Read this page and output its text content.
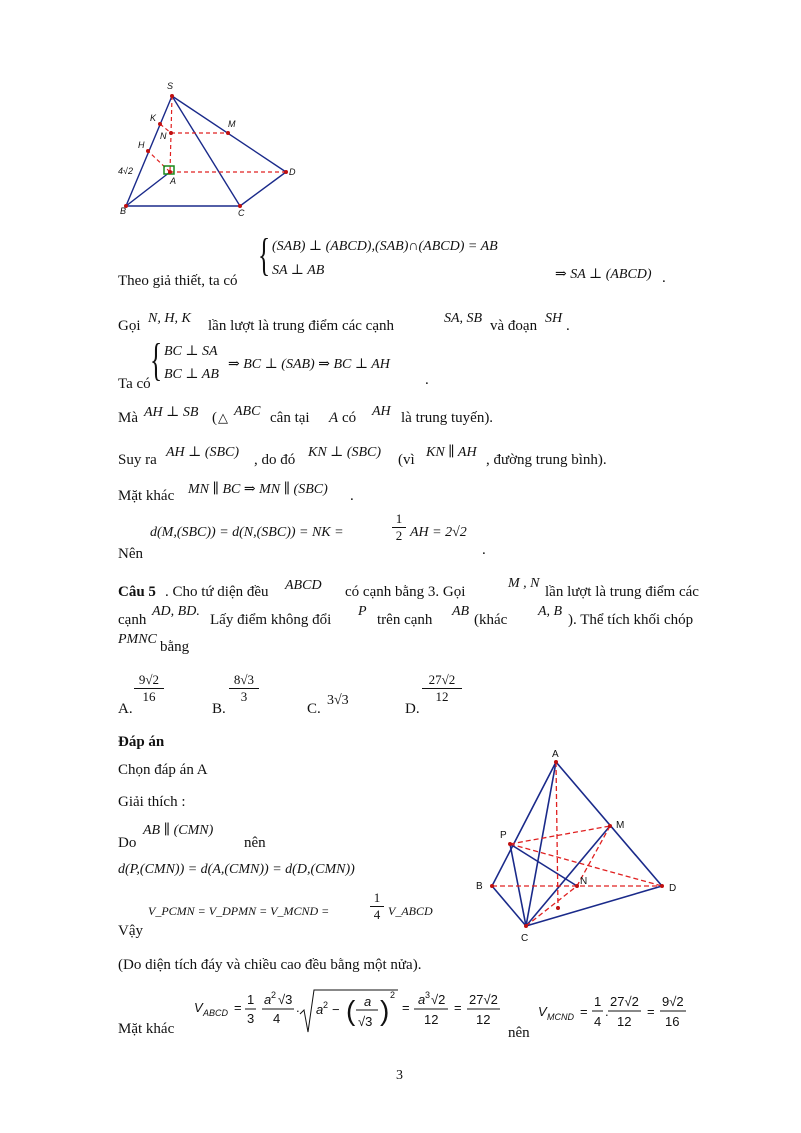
S
K
N
M
H
A
B	C
D
4√2
{ (SAB) ⊥ (ABCD),(SAB)∩(ABCD) = AB
SA ⊥ AB
Theo giả thiết, ta có	⇒ SA ⊥ (ABCD) .
Gọi N, H, K lần lượt là trung điểm các cạnh	SA, SB và đoạn SH .
{ BC ⊥ SA
BC ⊥ AB
Ta có
⇒ BC ⊥ (SAB) ⇒ BC ⊥ AH
.
Mà AH ⊥ SB ( △ ABC cân tại A có AH là trung tuyến).
Suy ra AH ⊥ (SBC) , do đó KN ⊥ (SBC) (vì KN ∥ AH , đường trung bình).
Mặt khác MN ∥ BC ⇒ MN ∥ (SBC) .
d(M,(SBC)) = d(N,(SBC)) = NK =	$\frac{1}{2}$ AH = 2√2
Nên	.
Câu 5 . Cho tứ diện đều ABCD có cạnh bằng 3. Gọi
M , N
lần lượt là trung điểm các
cạnh
AD, BD.
Lấy điểm không đổi
P
trên cạnh
AB
(khác
A, B
). Thể tích khối chóp
PMNC bằng
A.
$\frac{9√2}{16}$
B.
$\frac{8√3}{3}$
C.
3√3
D.
$\frac{27√2}{12}$
Đáp án
Chọn đáp án A
Giải thích :
Do
AB ∥ (CMN)
nên
d(P,(CMN)) = d(A,(CMN)) = d(D,(CMN))
V_PCMN = V_DPMN = V_MCND =	$\frac{1}{4}$ V_ABCD
Vậy
(Do diện tích đáy và chiều cao đều bằng một nửa).
Mặt khác
V ABCD =
1
3
a 2 √3
4
. a 2 − ( a
√3 ) 2
=
a 3 √2
12
=
27√2
12
V MCND =
1
4
.
27√2
12
=
9√2
16
nên
A
P
M
B	N
D
C
3
